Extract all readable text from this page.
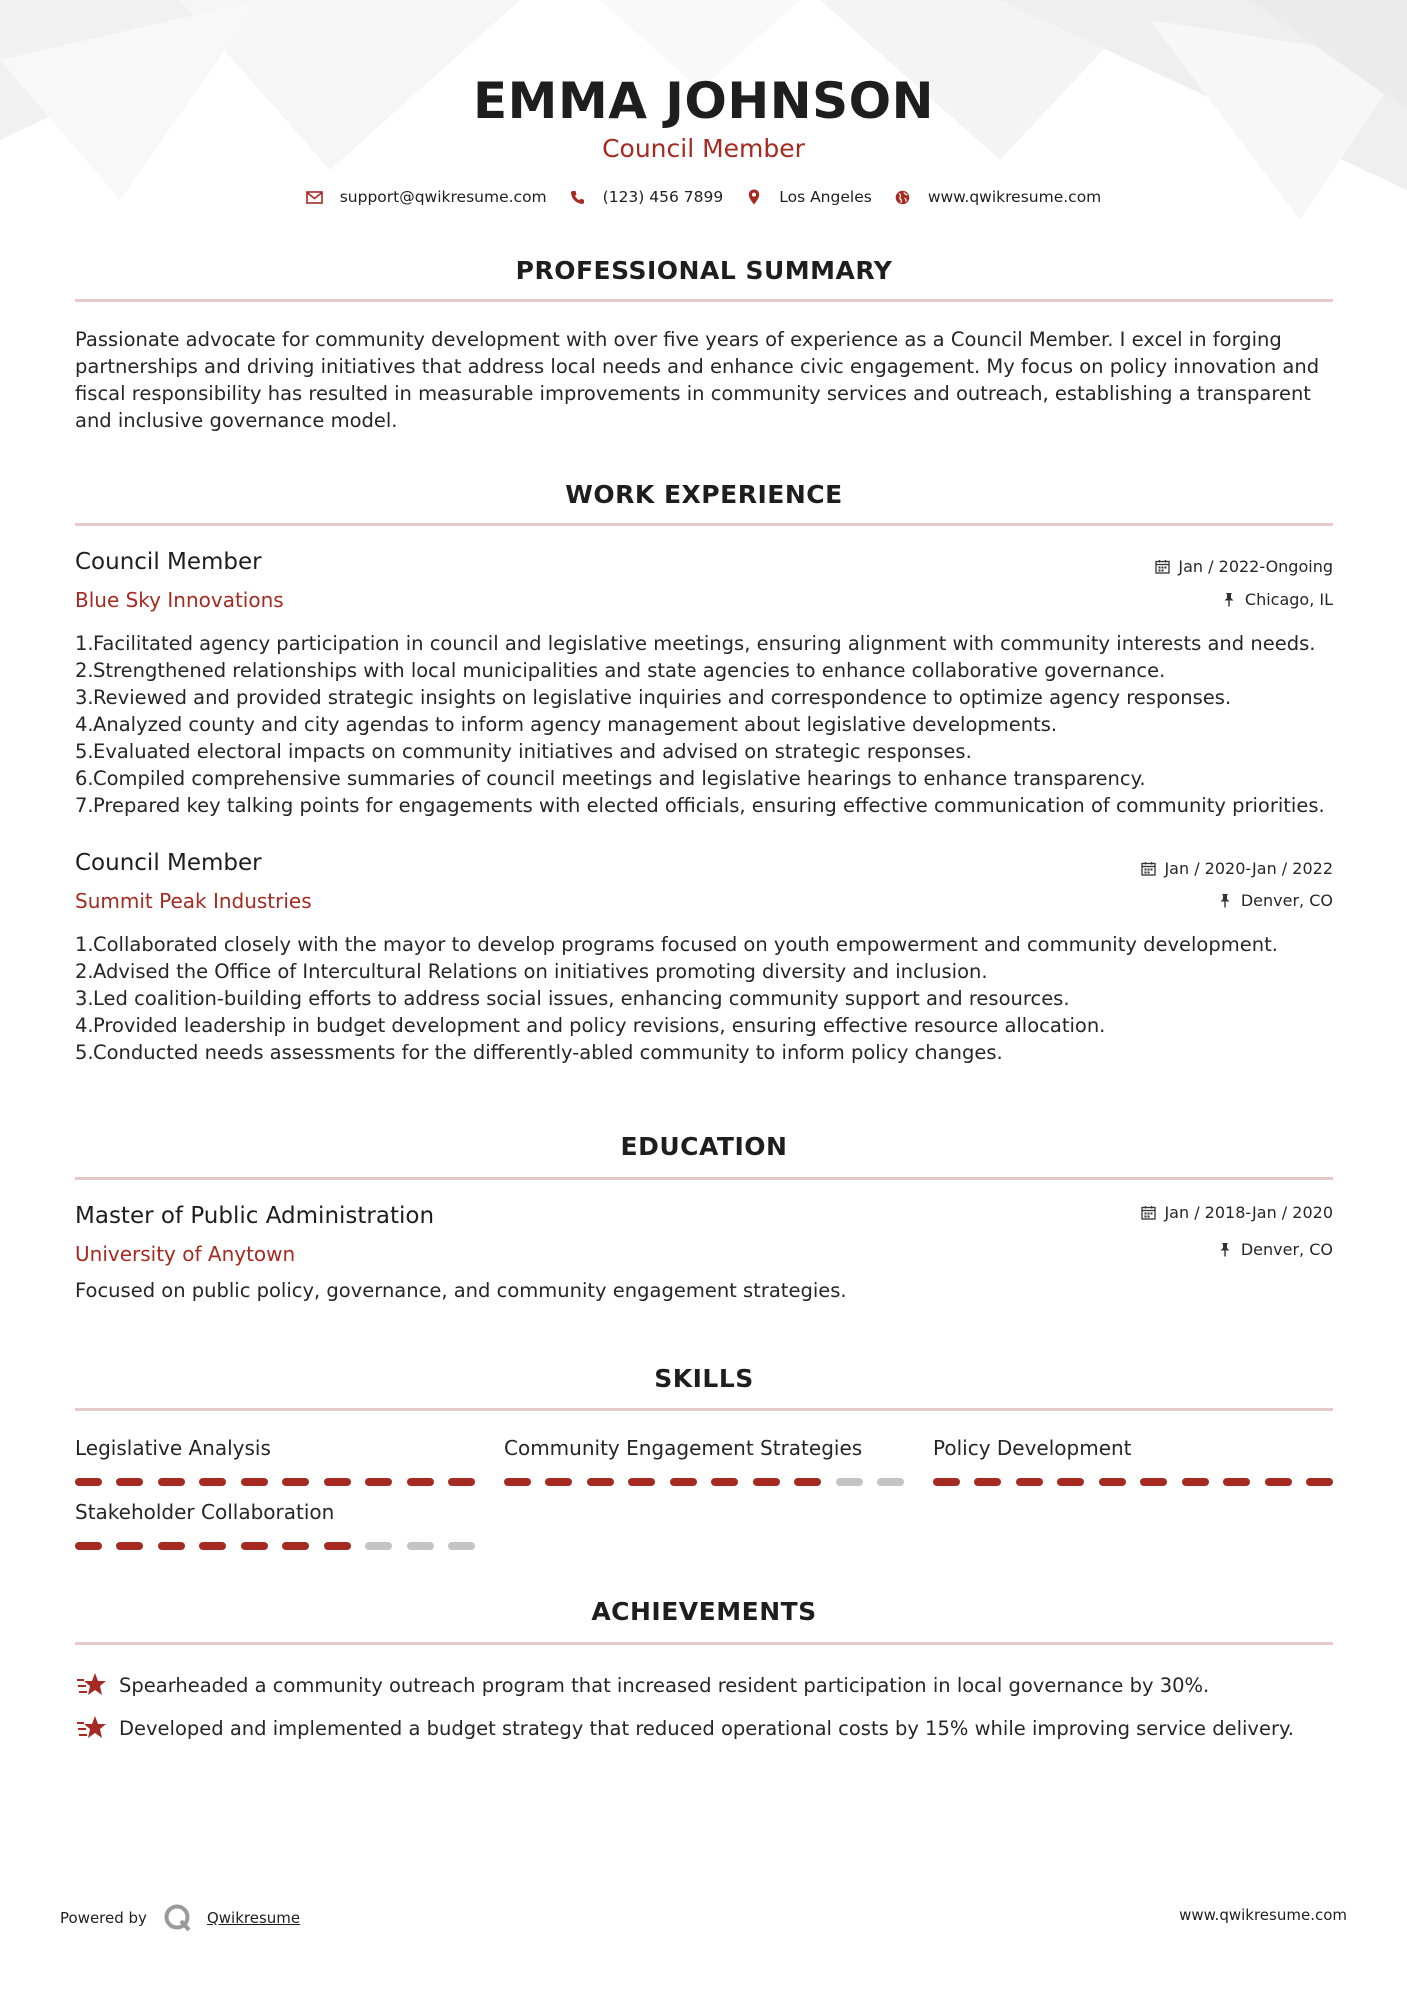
EMMA JOHNSON
Council Member
support@qwikresume.com	(123) 456 7899	Los Angeles	www.qwikresume.com
PROFESSIONAL SUMMARY
Passionate advocate for community development with over five years of experience as a Council Member. I excel in forging partnerships and driving initiatives that address local needs and enhance civic engagement. My focus on policy innovation and fiscal responsibility has resulted in measurable improvements in community services and outreach, establishing a transparent and inclusive governance model.
WORK EXPERIENCE
Council Member	Jan / 2022-Ongoing
Blue Sky Innovations	Chicago, IL
1.Facilitated agency participation in council and legislative meetings, ensuring alignment with community interests and needs.
2.Strengthened relationships with local municipalities and state agencies to enhance collaborative governance.
3.Reviewed and provided strategic insights on legislative inquiries and correspondence to optimize agency responses.
4.Analyzed county and city agendas to inform agency management about legislative developments.
5.Evaluated electoral impacts on community initiatives and advised on strategic responses.
6.Compiled comprehensive summaries of council meetings and legislative hearings to enhance transparency.
7.Prepared key talking points for engagements with elected officials, ensuring effective communication of community priorities.
Council Member	Jan / 2020-Jan / 2022
Summit Peak Industries	Denver, CO
1.Collaborated closely with the mayor to develop programs focused on youth empowerment and community development.
2.Advised the Office of Intercultural Relations on initiatives promoting diversity and inclusion.
3.Led coalition-building efforts to address social issues, enhancing community support and resources.
4.Provided leadership in budget development and policy revisions, ensuring effective resource allocation.
5.Conducted needs assessments for the differently-abled community to inform policy changes.
EDUCATION
Master of Public Administration	Jan / 2018-Jan / 2020
University of Anytown	Denver, CO
Focused on public policy, governance, and community engagement strategies.
SKILLS
Legislative Analysis	Community Engagement Strategies	Policy Development
Stakeholder Collaboration
ACHIEVEMENTS
Spearheaded a community outreach program that increased resident participation in local governance by 30%.
Developed and implemented a budget strategy that reduced operational costs by 15% while improving service delivery.
Powered by	Qwikresume	www.qwikresume.com
